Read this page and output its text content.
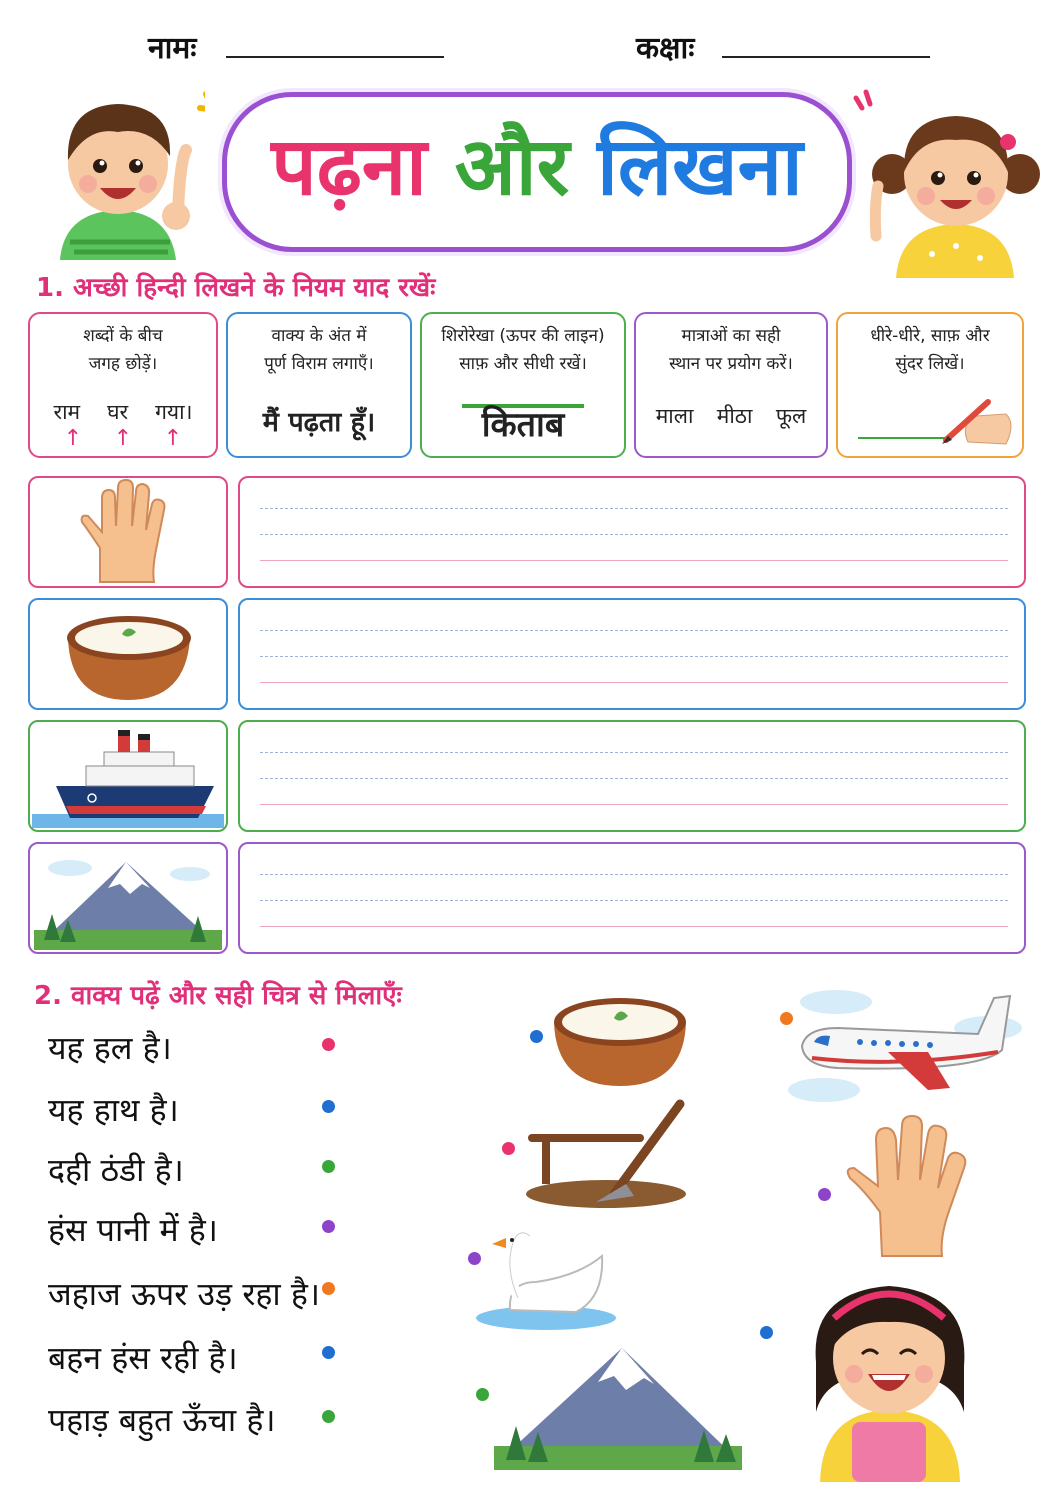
नामः	कक्षाः
पढ़ना और लिखना
1. अच्छी हिन्दी लिखने के नियम याद रखेंः
शब्दों के बीच
जगह छोड़ें।
राम घर गया।
↑ ↑ ↑
वाक्य के अंत में
पूर्ण विराम लगाएँ।
मैं पढ़ता हूँ।
शिरोरेखा (ऊपर की लाइन)
साफ़ और सीधी रखें।
किताब
मात्राओं का सही
स्थान पर प्रयोग करें।
माला मीठा फूल
धीरे-धीरे, साफ़ और
सुंदर लिखें।
2. वाक्य पढ़ें और सही चित्र से मिलाएँः
यह हल है।
यह हाथ है।
दही ठंडी है।
हंस पानी में है।
जहाज ऊपर उड़ रहा है।
बहन हंस रही है।
पहाड़ बहुत ऊँचा है।
